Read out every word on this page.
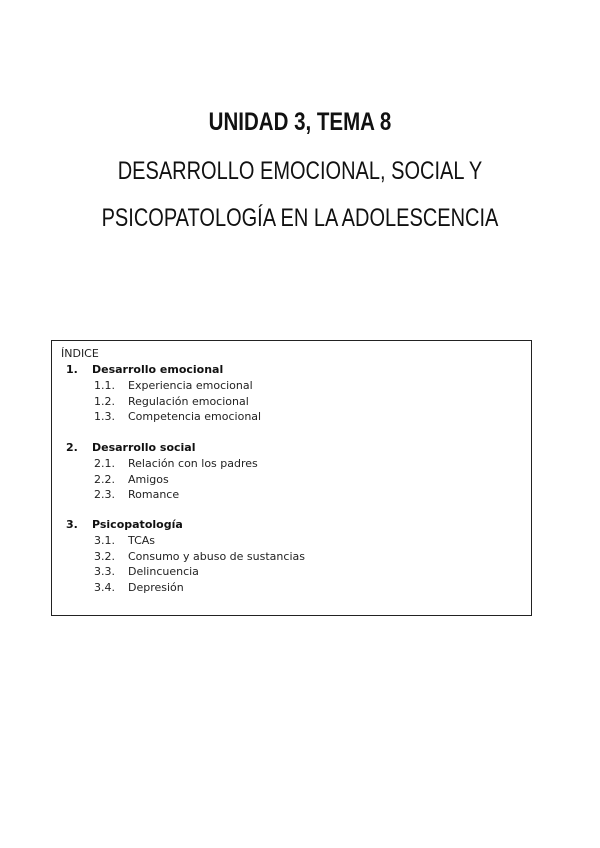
UNIDAD 3, TEMA 8
DESARROLLO EMOCIONAL, SOCIAL Y
PSICOPATOLOGÍA EN LA ADOLESCENCIA
ÍNDICE
1. Desarrollo emocional
1.1. Experiencia emocional
1.2. Regulación emocional
1.3. Competencia emocional
2. Desarrollo social
2.1. Relación con los padres
2.2. Amigos
2.3. Romance
3. Psicopatología
3.1. TCAs
3.2. Consumo y abuso de sustancias
3.3. Delincuencia
3.4. Depresión
